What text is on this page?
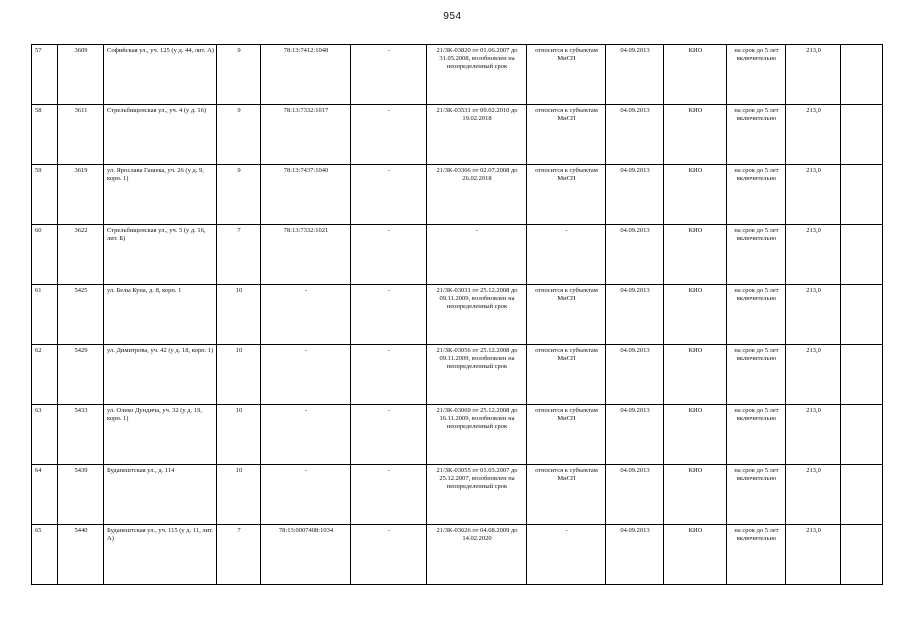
954
57	3609	Софийская ул., уч. 125 (у д. 44, лит. А)	9	78:13:7412:1048	-	21/ЗК-03820 от 01.06.2007 до 31.05.2008, возобновлен на неопределенный срок	относится к субъектам МиСП	04.09.2013	КИО	на срок до 5 лет включительно	213,0	
58	3611	Стрельбищенская ул., уч. 4 (у д. 16)	9	78:13:7332:1017	-	21/ЗК-03531 от 09.02.2010 до 19.02.2018	относится к субъектам МиСП	04.09.2013	КИО	на срок до 5 лет включительно	213,0	
59	3619	ул. Ярослава Гашека, уч. 26 (у д. 9, корп. 1)	9	78:13:7437:1040	-	21/ЗК-03366 от 02.07.2008 до 26.02.2018	относится к субъектам МиСП	04.09.2013	КИО	на срок до 5 лет включительно	213,0	
60	3622	Стрельбищенская ул., уч. 5 (у д. 16, лит. Б)	7	78:13:7332:1021	-	-	-	04.09.2013	КИО	на срок до 5 лет включительно	213,0	
61	5425	ул. Белы Куна, д. 8, корп. 1	10	-	-	21/ЗК-03031 от 25.12.2008 до 09.11.2009, возобновлен на неопределенный срок	относится к субъектам МиСП	04.09.2013	КИО	на срок до 5 лет включительно	213,0	
62	5429	ул. Димитрова, уч. 42 (у д. 18, корп. 1)	10	-	-	21/ЗК-03056 от 25.12.2008 до 09.11.2009, возобновлен на неопределенный срок	относится к субъектам МиСП	04.09.2013	КИО	на срок до 5 лет включительно	213,0	
63	5433	ул. Олеко Дундича, уч. 32 (у д. 19, корп. 1)	10	-	-	21/ЗК-03069 от 25.12.2008 до 16.11.2009, возобновлен на неопределенный срок	относится к субъектам МиСП	04.09.2013	КИО	на срок до 5 лет включительно	213,0	
64	5439	Будапештская ул., д. 114	10	-	-	21/ЗК-03055 от 01.03.2007 до 25.12.2007, возобновлен на неопределенный срок	относится к субъектам МиСП	04.09.2013	КИО	на срок до 5 лет включительно	213,0	
65	5440	Будапештская ул., уч. 115 (у д. 11, лит. А)	7	78:13:0007408:1034	-	21/ЗК-03626 от 04.08.2009 до 14.02.2020	-	04.09.2013	КИО	на срок до 5 лет включительно	213,0	
